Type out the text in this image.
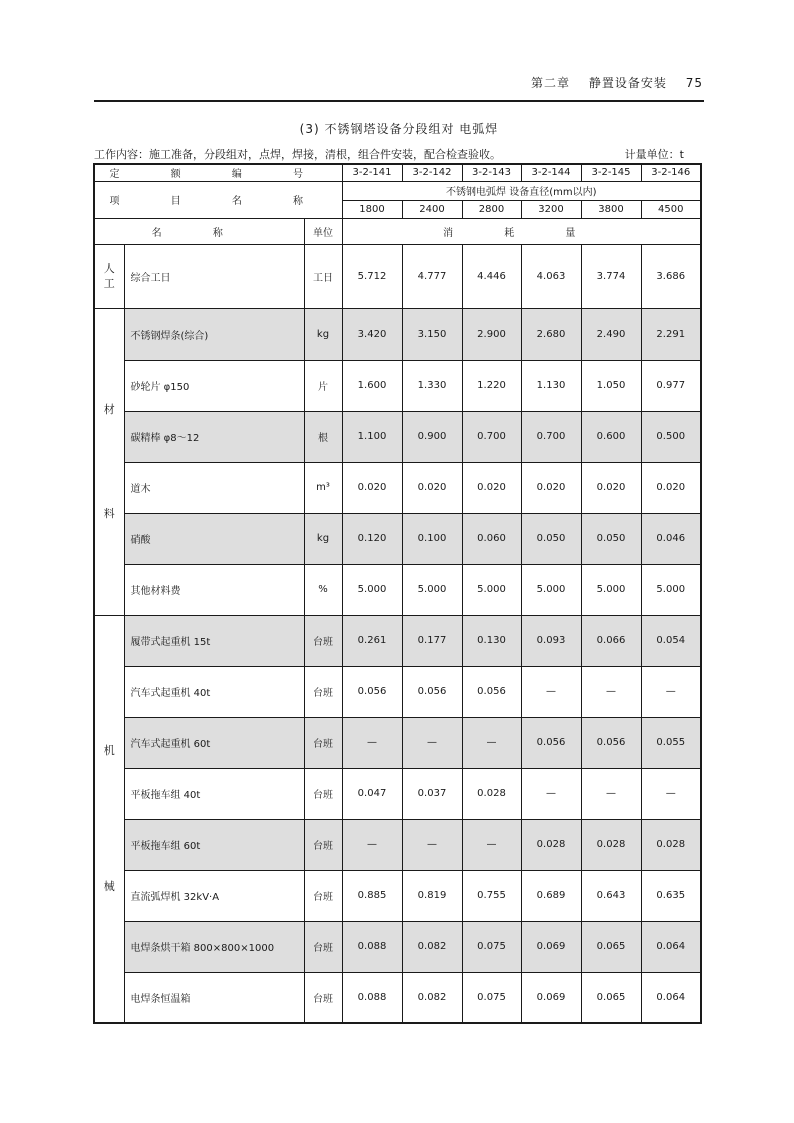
第二章 静置设备安装 75
(3) 不锈钢塔设备分段组对 电弧焊
工作内容：施工准备，分段组对，点焊，焊接，清根，组合件安装，配合检查验收。	计量单位：t
定 额 编 号			3-2-141	3-2-142	3-2-143	3-2-144	3-2-145	3-2-146
项 目 名 称			不锈钢电弧焊 设备直径(mm以内)					
			1800	2400	2800	3200	3800	4500
名 称		单位	消 耗 量					

人
工	综合工日	工日	5.712	4.777	4.446	4.063	3.774	3.686

材
料	不锈钢焊条(综合)	kg	3.420	3.150	2.900	2.680	2.490	2.291
	砂轮片 φ150	片	1.600	1.330	1.220	1.130	1.050	0.977
	碳精棒 φ8～12	根	1.100	0.900	0.700	0.700	0.600	0.500
	道木	m³	0.020	0.020	0.020	0.020	0.020	0.020
	硝酸	kg	0.120	0.100	0.060	0.050	0.050	0.046
	其他材料费	%	5.000	5.000	5.000	5.000	5.000	5.000

机
械	履带式起重机 15t	台班	0.261	0.177	0.130	0.093	0.066	0.054
	汽车式起重机 40t	台班	0.056	0.056	0.056	—	—	—
	汽车式起重机 60t	台班	—	—	—	0.056	0.056	0.055
	平板拖车组 40t	台班	0.047	0.037	0.028	—	—	—
	平板拖车组 60t	台班	—	—	—	0.028	0.028	0.028
	直流弧焊机 32kV·A	台班	0.885	0.819	0.755	0.689	0.643	0.635
	电焊条烘干箱 800×800×1000	台班	0.088	0.082	0.075	0.069	0.065	0.064
	电焊条恒温箱	台班	0.088	0.082	0.075	0.069	0.065	0.064
